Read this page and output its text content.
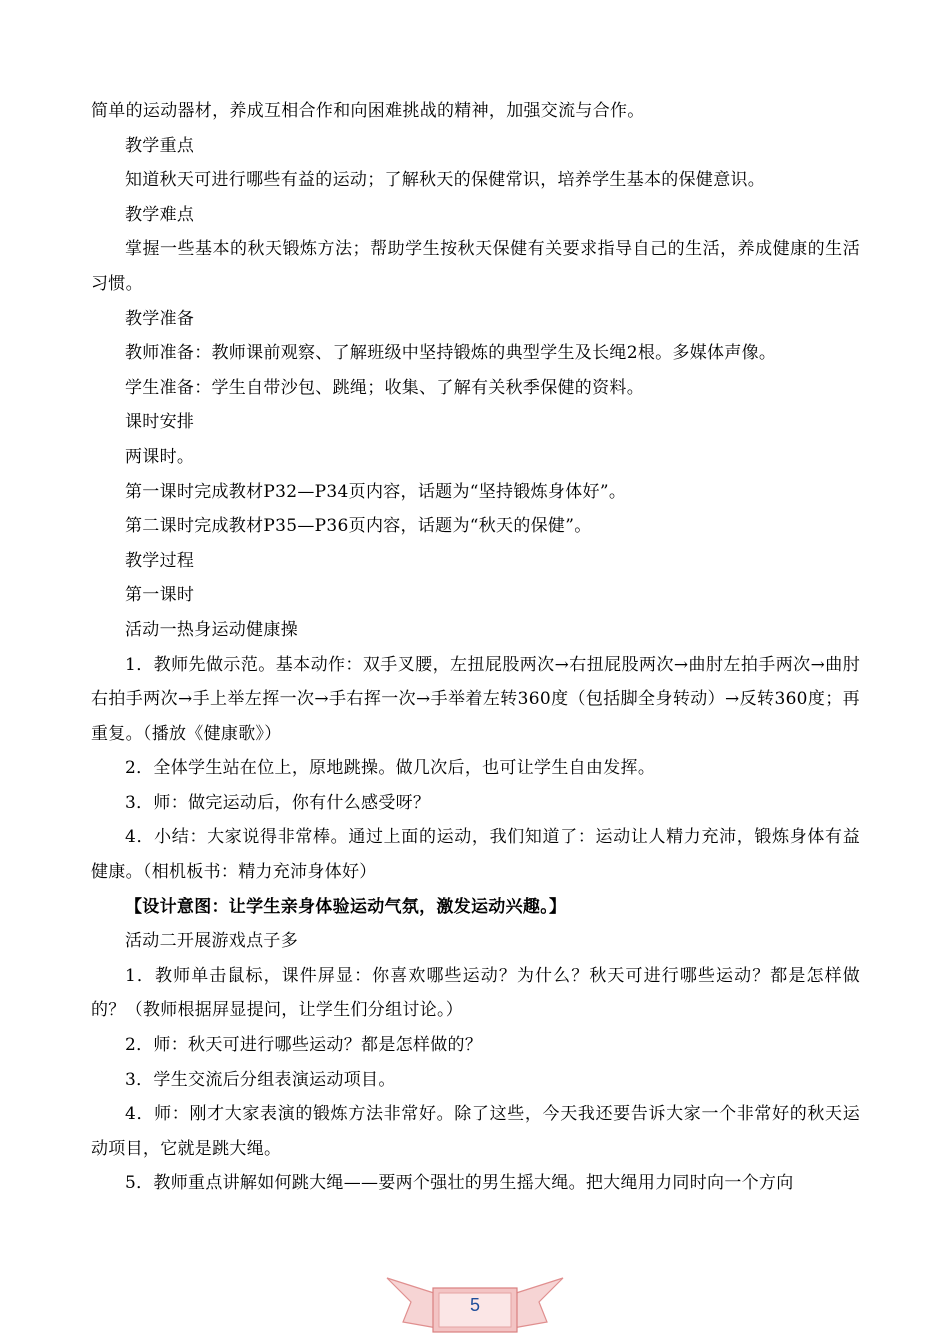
简单的运动器材，养成互相合作和向困难挑战的精神，加强交流与合作。

教学重点

知道秋天可进行哪些有益的运动；了解秋天的保健常识，培养学生基本的保健意识。

教学难点

掌握一些基本的秋天锻炼方法；帮助学生按秋天保健有关要求指导自己的生活，养成健康的生活习惯。

教学准备

教师准备：教师课前观察、了解班级中坚持锻炼的典型学生及长绳2根。多媒体声像。

学生准备：学生自带沙包、跳绳；收集、了解有关秋季保健的资料。

课时安排

两课时。

第一课时完成教材P32—P34页内容，话题为“坚持锻炼身体好”。

第二课时完成教材P35—P36页内容，话题为“秋天的保健”。

教学过程

第一课时

活动一热身运动健康操

1．教师先做示范。基本动作：双手叉腰，左扭屁股两次→右扭屁股两次→曲肘左拍手两次→曲肘右拍手两次→手上举左挥一次→手右挥一次→手举着左转360度（包括脚全身转动）→反转360度；再重复。（播放《健康歌》）

2．全体学生站在位上，原地跳操。做几次后，也可让学生自由发挥。

3．师：做完运动后，你有什么感受呀？

4．小结：大家说得非常棒。通过上面的运动，我们知道了：运动让人精力充沛，锻炼身体有益健康。（相机板书：精力充沛身体好）

【设计意图：让学生亲身体验运动气氛，激发运动兴趣。】

活动二开展游戏点子多

1．教师单击鼠标，课件屏显：你喜欢哪些运动？为什么？秋天可进行哪些运动？都是怎样做的？（教师根据屏显提问，让学生们分组讨论。）

2．师：秋天可进行哪些运动？都是怎样做的？

3．学生交流后分组表演运动项目。

4．师：刚才大家表演的锻炼方法非常好。除了这些，今天我还要告诉大家一个非常好的秋天运动项目，它就是跳大绳。

5．教师重点讲解如何跳大绳——要两个强壮的男生摇大绳。把大绳用力同时向一个方向

5
